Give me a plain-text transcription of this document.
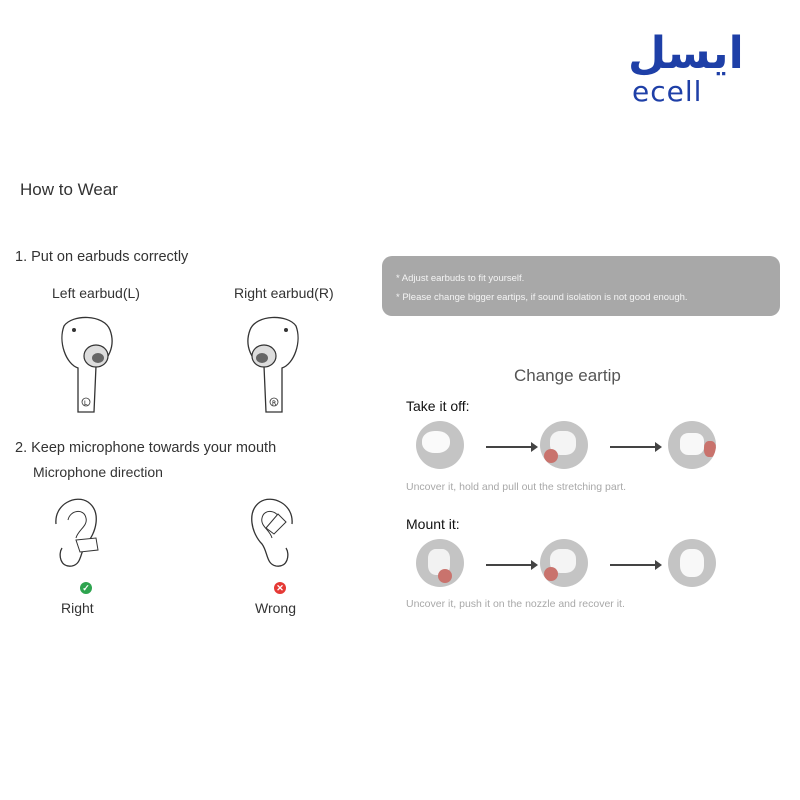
ایسل
ecell
How to Wear
1. Put on earbuds correctly
Left earbud(L)	Right earbud(R)
L	R
2. Keep microphone towards your mouth
Microphone direction
✓
Right
✕
Wrong
* Adjust earbuds to fit yourself.
* Please change bigger eartips, if sound isolation is not good enough.
Change eartip
Take it off:
Uncover it, hold and pull out the stretching part.
Mount it:
Uncover it, push it on the nozzle and recover it.
